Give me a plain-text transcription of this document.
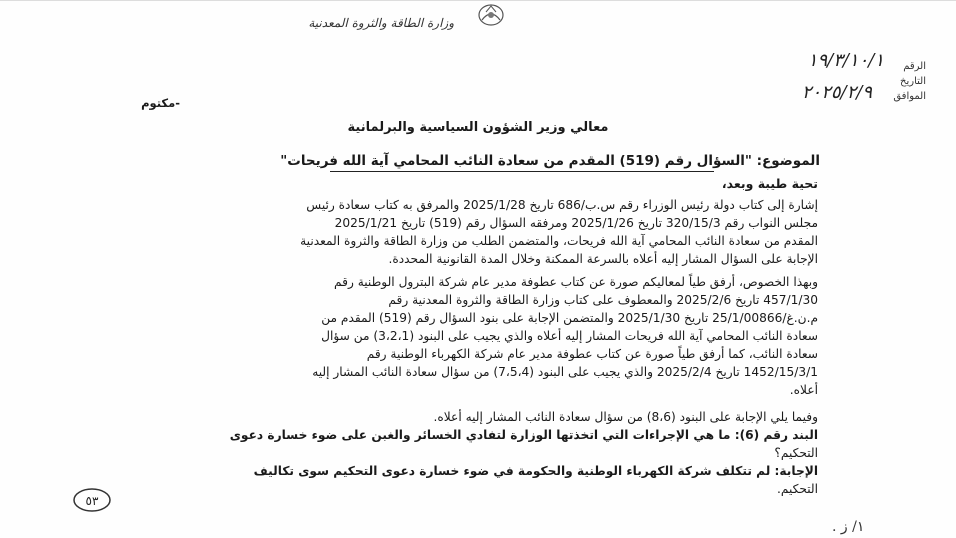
وزارة الطاقة والثروة المعدنية
الرقم
١٩/٣/١٠/١
التاريخ
الموافق
٢٠٢٥/٢/٩
-مكتوم
معالي وزير الشؤون السياسية والبرلمانية
الموضوع: "السؤال رقم (519) المقدم من سعادة النائب المحامي آية الله فريحات"
تحية طيبة وبعد،
إشارة إلى كتاب دولة رئيس الوزراء رقم س.ب/686 تاريخ 2025/1/28 والمرفق به كتاب سعادة رئيس
مجلس النواب رقم 320/15/3 تاريخ 2025/1/26 ومرفقه السؤال رقم (519) تاريخ 2025/1/21
المقدم من سعادة النائب المحامي آية الله فريحات، والمتضمن الطلب من وزارة الطاقة والثروة المعدنية
الإجابة على السؤال المشار إليه أعلاه بالسرعة الممكنة وخلال المدة القانونية المحددة.
وبهذا الخصوص، أرفق طياً لمعاليكم صورة عن كتاب عطوفة مدير عام شركة البترول الوطنية رقم
457/1/30 تاريخ 2025/2/6 والمعطوف على كتاب وزارة الطاقة والثروة المعدنية رقم
م.ن.غ/25/1/00866 تاريخ 2025/1/30 والمتضمن الإجابة على بنود السؤال رقم (519) المقدم من
سعادة النائب المحامي آية الله فريحات المشار إليه أعلاه والذي يجيب على البنود (3،2،1) من سؤال
سعادة النائب، كما أرفق طياً صورة عن كتاب عطوفة مدير عام شركة الكهرباء الوطنية رقم
1452/15/3/1 تاريخ 2025/2/4 والذي يجيب على البنود (7،5،4) من سؤال سعادة النائب المشار إليه
أعلاه.
وفيما يلي الإجابة على البنود (8،6) من سؤال سعادة النائب المشار إليه أعلاه.
البند رقم (6): ما هي الإجراءات التي اتخذتها الوزارة لتفادي الخسائر والغبن على ضوء خسارة دعوى
التحكيم؟
الإجابة: لم تتكلف شركة الكهرباء الوطنية والحكومة في ضوء خسارة دعوى التحكيم سوى تكاليف
التحكيم.
٥٣
١/ ز .
